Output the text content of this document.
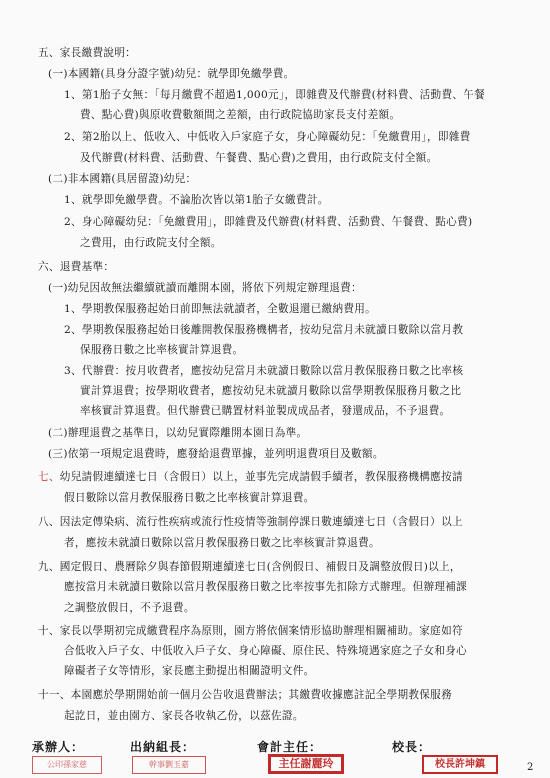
五、家長繳費說明：
(一)本國籍(具身分證字號)幼兒：就學即免繳學費。
1、第1胎子女無：「每月繳費不超過1,000元」，即雜費及代辦費(材料費、活動費、午餐
費、點心費)與原收費數額間之差額，由行政院協助家長支付差額。
2、第2胎以上、低收入、中低收入戶家庭子女，身心障礙幼兒：「免繳費用」，即雜費
及代辦費(材料費、活動費、午餐費、點心費)之費用，由行政院支付全額。
(二)非本國籍(具居留證)幼兒：
1、就學即免繳學費。不論胎次皆以第1胎子女繳費計。
2、身心障礙幼兒：「免繳費用」，即雜費及代辦費(材料費、活動費、午餐費、點心費)
之費用，由行政院支付全額。
六、退費基準：
(一)幼兒因故無法繼續就讀而離開本園，將依下列規定辦理退費：
1、學期教保服務起始日前即無法就讀者，全數退還已繳納費用。
2、學期教保服務起始日後離開教保服務機構者，按幼兒當月未就讀日數除以當月教
保服務日數之比率核實計算退費。
3、代辦費：按月收費者，應按幼兒當月未就讀日數除以當月教保服務日數之比率核
實計算退費；按學期收費者，應按幼兒未就讀月數除以當學期教保服務月數之比
率核實計算退費。但代辦費已購置材料並製成成品者，發還成品，不予退費。
(二)辦理退費之基準日，以幼兒實際離開本園日為準。
(三)依第一項規定退費時，應發給退費單據，並列明退費項目及數額。
七、幼兒請假連續達七日（含假日）以上，並事先完成請假手續者，教保服務機構應按請
假日數除以當月教保服務日數之比率核實計算退費。
八、因法定傳染病、流行性疾病或流行性疫情等強制停課日數連續達七日（含假日）以上
者，應按未就讀日數除以當月教保服務日數之比率核實計算退費。
九、國定假日、農曆除夕與春節假期連續達七日(含例假日、補假日及調整放假日)以上，
應按當月未就讀日數除以當月教保服務日數之比率按事先扣除方式辦理。但辦理補課
之調整放假日，不予退費。
十、家長以學期初完成繳費程序為原則，園方將依個案情形協助辦理相關補助。家庭如符
合低收入戶子女、中低收入戶子女、身心障礙、原住民、特殊境遇家庭之子女和身心
障礙者子女等情形，家長應主動提出相關證明文件。
十一、本園應於學期開始前一個月公告收退費辦法；其繳費收據應註記全學期教保服務
起訖日，並由園方、家長各收執乙份，以茲佐證。
承辦人：	出納組長：	會計主任：	校長：
公印孫家慈	幹事劉玉嘉	主任謝麗玲	校長許坤鎮	2
